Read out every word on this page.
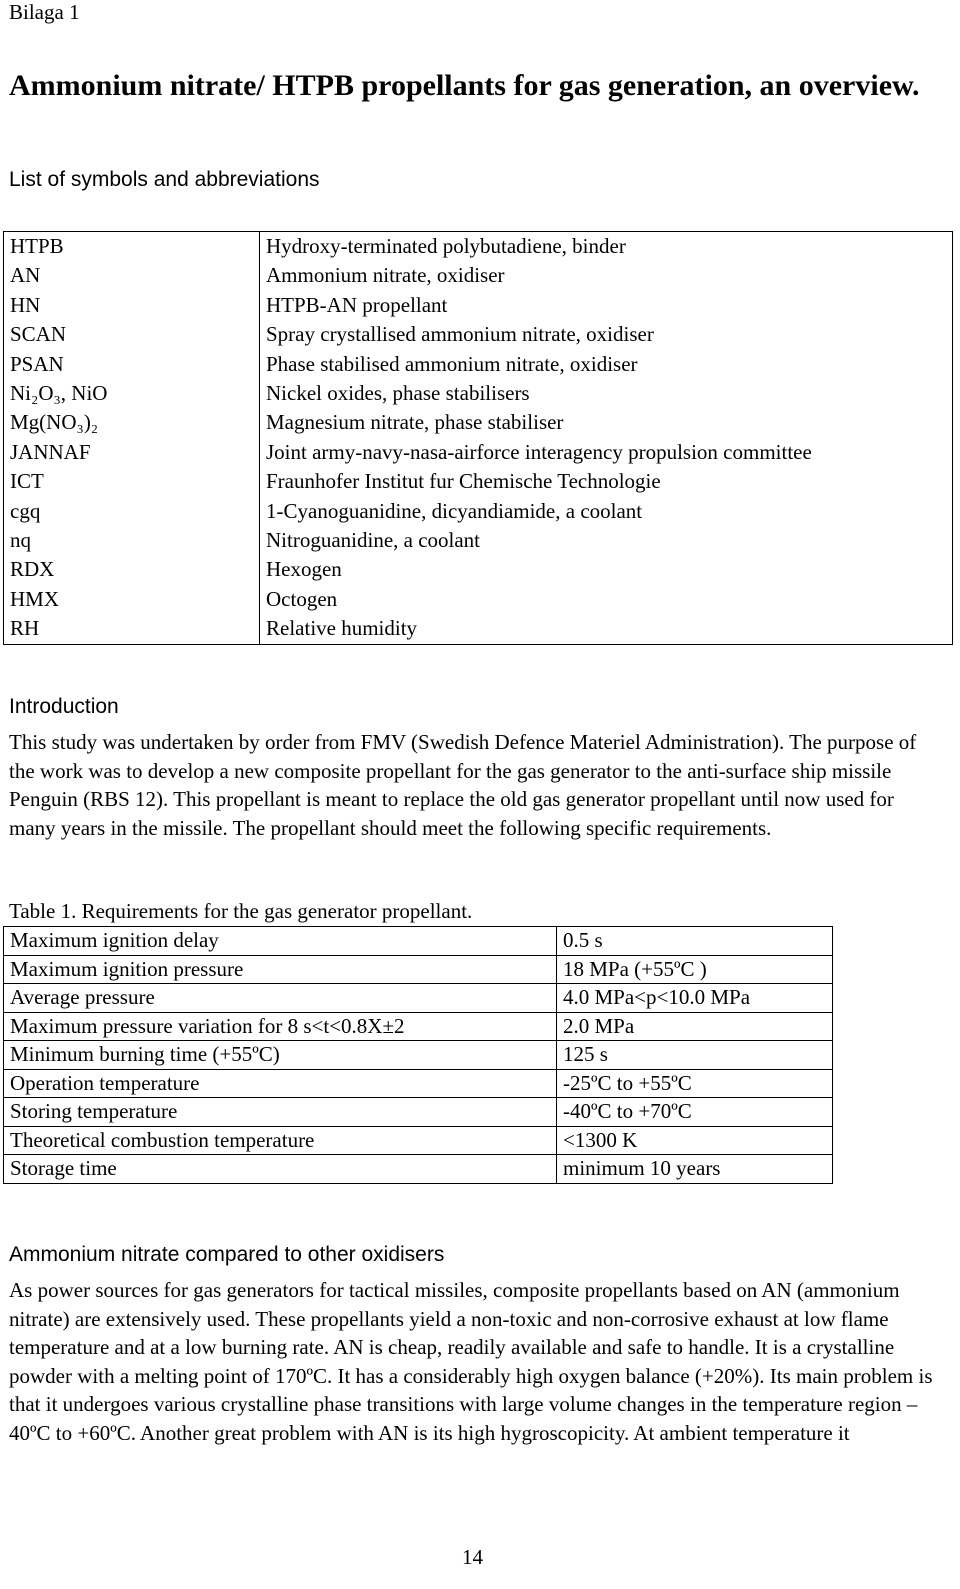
Bilaga 1
Ammonium nitrate/ HTPB propellants for gas generation, an overview.
List of symbols and abbreviations
HTPB	Hydroxy-terminated polybutadiene, binder
AN	Ammonium nitrate, oxidiser
HN	HTPB-AN propellant
SCAN	Spray crystallised ammonium nitrate, oxidiser
PSAN	Phase stabilised ammonium nitrate, oxidiser
Ni₂O₃, NiO	Nickel oxides, phase stabilisers
Mg(NO₃)₂	Magnesium nitrate, phase stabiliser
JANNAF	Joint army-navy-nasa-airforce interagency propulsion committee
ICT	Fraunhofer Institut fur Chemische Technologie
cgq	1-Cyanoguanidine, dicyandiamide, a coolant
nq	Nitroguanidine, a coolant
RDX	Hexogen
HMX	Octogen
RH	Relative humidity
Introduction

This study was undertaken by order from FMV (Swedish Defence Materiel Administration). The purpose of the work was to develop a new composite propellant for the gas generator to the anti-surface ship missile Penguin (RBS 12). This propellant is meant to replace the old gas generator propellant until now used for many years in the missile. The propellant should meet the following specific requirements.

Table 1. Requirements for the gas generator propellant.

Maximum ignition delay	0.5 s
Maximum ignition pressure	18 MPa (+55ºC )
Average pressure	4.0 MPa<p<10.0 MPa
Maximum pressure variation for 8 s<t<0.8X±2	2.0 MPa
Minimum burning time (+55ºC)	125 s
Operation temperature	-25ºC to +55ºC
Storing temperature	-40ºC to +70ºC
Theoretical combustion temperature	<1300 K
Storage time	minimum 10 years
Ammonium nitrate compared to other oxidisers

As power sources for gas generators for tactical missiles, composite propellants based on AN (ammonium nitrate) are extensively used. These propellants yield a non-toxic and non-corrosive exhaust at low flame temperature and at a low burning rate. AN is cheap, readily available and safe to handle. It is a crystalline powder with a melting point of 170ºC. It has a considerably high oxygen balance (+20%). Its main problem is that it undergoes various crystalline phase transitions with large volume changes in the temperature region –40ºC to +60ºC. Another great problem with AN is its high hygroscopicity. At ambient temperature it

14
